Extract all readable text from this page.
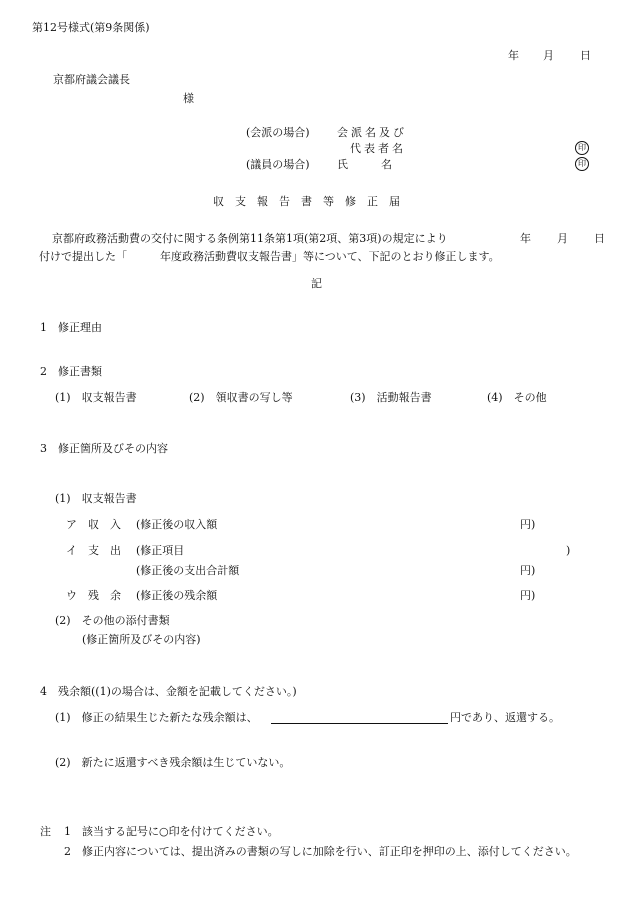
第12号様式(第9条関係)
年 月 日
京都府議会議長
様
(会派の場合) 会派名及び
代表者名	印
(議員の場合) 氏　　　名	印
収　支　報　告　書　等　修　正　届
京都府政務活動費の交付に関する条例第11条第1項(第2項、第3項)の規定により	年 月 日
付けで提出した「　　　年度政務活動費収支報告書」等について、下記のとおり修正します。
記
1　修正理由
2　修正書類
(1)　収支報告書	(2)　領収書の写し等	(3)　活動報告書	(4)　その他
3　修正箇所及びその内容
(1)　収支報告書
ア　収　入 (修正後の収入額	円)
イ　支　出 (修正項目	)
(修正後の支出合計額	円)
ウ　残　余 (修正後の残余額	円)
(2)　その他の添付書類
(修正箇所及びその内容)
4　残余額((1)の場合は、金額を記載してください。)
(1)　修正の結果生じた新たな残余額は、	円であり、返還する。
(2)　新たに返還すべき残余額は生じていない。
注 1　該当する記号に○印を付けてください。
2　修正内容については、提出済みの書類の写しに加除を行い、訂正印を押印の上、添付してください。
